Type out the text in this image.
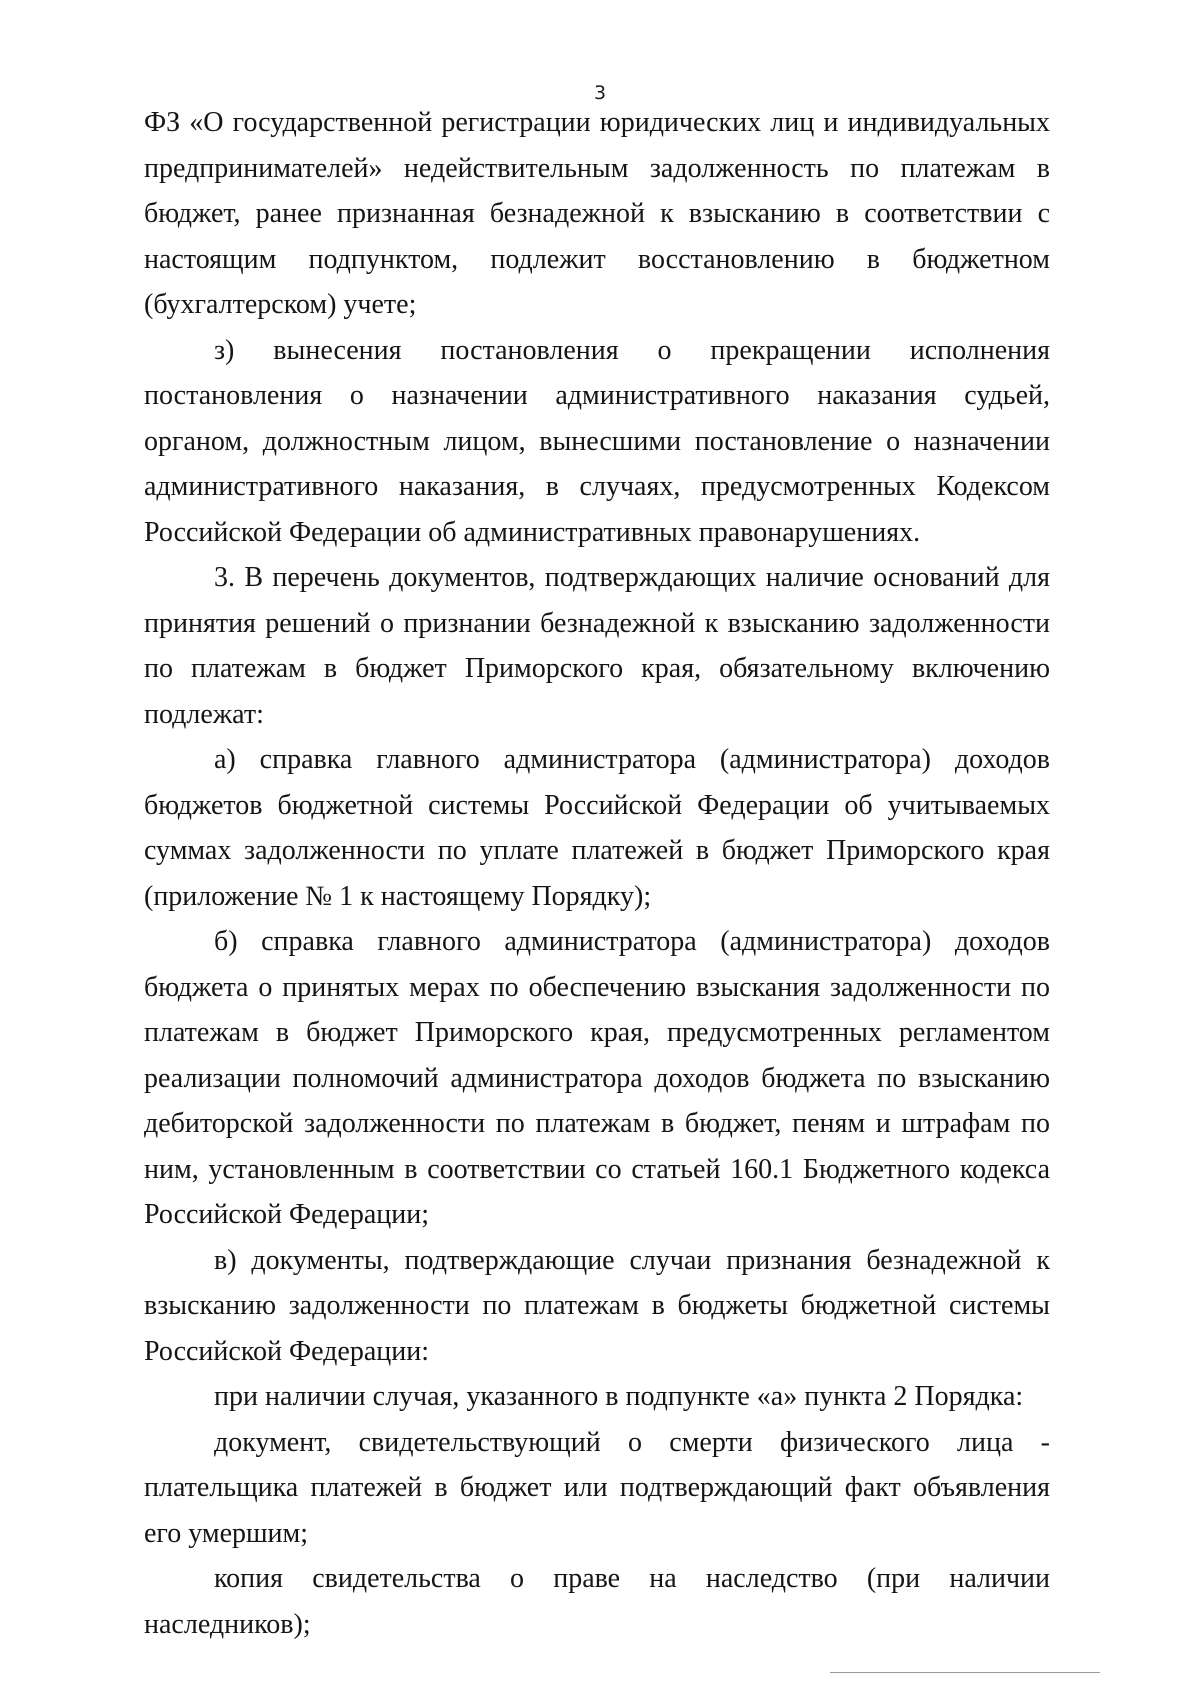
3

ФЗ «О государственной регистрации юридических лиц и индивидуальных предпринимателей» недействительным задолженность по платежам в бюджет, ранее признанная безнадежной к взысканию в соответствии с настоящим подпунктом, подлежит восстановлению в бюджетном (бухгалтерском) учете;

з) вынесения постановления о прекращении исполнения постановления о назначении административного наказания судьей, органом, должностным лицом, вынесшими постановление о назначении административного наказания, в случаях, предусмотренных Кодексом Российской Федерации об административных правонарушениях.

3. В перечень документов, подтверждающих наличие оснований для принятия решений о признании безнадежной к взысканию задолженности по платежам в бюджет Приморского края, обязательному включению подлежат:

а) справка главного администратора (администратора) доходов бюджетов бюджетной системы Российской Федерации об учитываемых суммах задолженности по уплате платежей в бюджет Приморского края (приложение № 1 к настоящему Порядку);

б) справка главного администратора (администратора) доходов бюджета о принятых мерах по обеспечению взыскания задолженности по платежам в бюджет Приморского края, предусмотренных регламентом реализации полномочий администратора доходов бюджета по взысканию дебиторской задолженности по платежам в бюджет, пеням и штрафам по ним, установленным в соответствии со статьей 160.1 Бюджетного кодекса Российской Федерации;

в) документы, подтверждающие случаи признания безнадежной к взысканию задолженности по платежам в бюджеты бюджетной системы Российской Федерации:

при наличии случая, указанного в подпункте «а» пункта 2 Порядка:

документ, свидетельствующий о смерти физического лица - плательщика платежей в бюджет или подтверждающий факт объявления его умершим;

копия свидетельства о праве на наследство (при наличии наследников);
